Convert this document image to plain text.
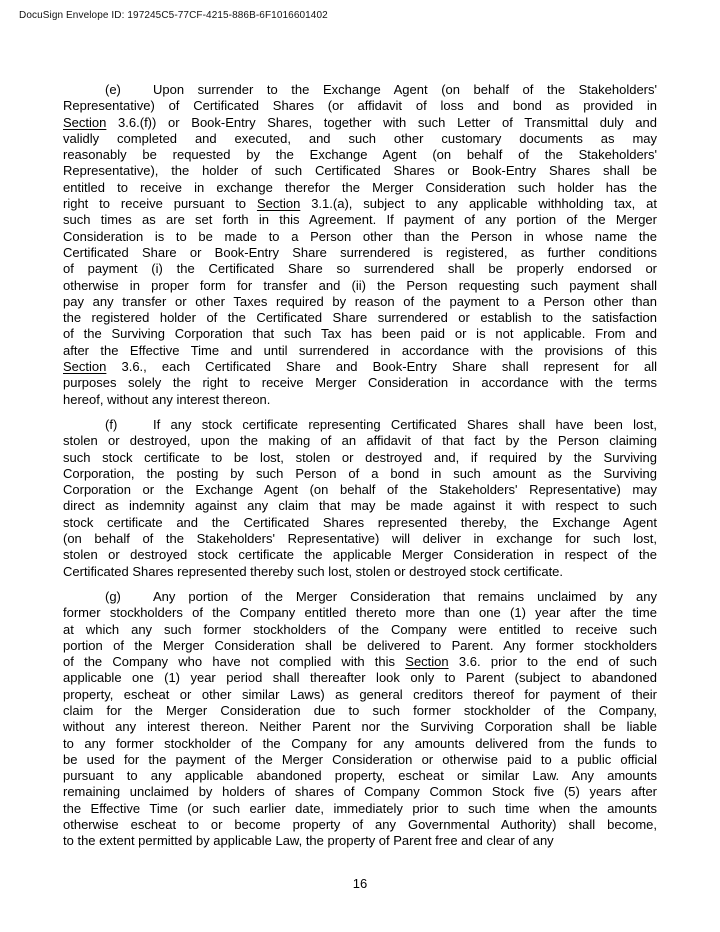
DocuSign Envelope ID: 197245C5-77CF-4215-886B-6F1016601402
(e) Upon surrender to the Exchange Agent (on behalf of the Stakeholders'
Representative) of Certificated Shares (or affidavit of loss and bond as provided in
Section 3.6.(f)) or Book-Entry Shares, together with such Letter of Transmittal duly and
validly completed and executed, and such other customary documents as may
reasonably be requested by the Exchange Agent (on behalf of the Stakeholders'
Representative), the holder of such Certificated Shares or Book-Entry Shares shall be
entitled to receive in exchange therefor the Merger Consideration such holder has the
right to receive pursuant to Section 3.1.(a), subject to any applicable withholding tax, at
such times as are set forth in this Agreement. If payment of any portion of the Merger
Consideration is to be made to a Person other than the Person in whose name the
Certificated Share or Book-Entry Share surrendered is registered, as further conditions
of payment (i) the Certificated Share so surrendered shall be properly endorsed or
otherwise in proper form for transfer and (ii) the Person requesting such payment shall
pay any transfer or other Taxes required by reason of the payment to a Person other than
the registered holder of the Certificated Share surrendered or establish to the satisfaction
of the Surviving Corporation that such Tax has been paid or is not applicable. From and
after the Effective Time and until surrendered in accordance with the provisions of this
Section 3.6., each Certificated Share and Book-Entry Share shall represent for all
purposes solely the right to receive Merger Consideration in accordance with the terms
hereof, without any interest thereon.
(f)	If any stock certificate representing Certificated Shares shall have been lost,
stolen or destroyed, upon the making of an affidavit of that fact by the Person claiming
such stock certificate to be lost, stolen or destroyed and, if required by the Surviving
Corporation, the posting by such Person of a bond in such amount as the Surviving
Corporation or the Exchange Agent (on behalf of the Stakeholders' Representative) may
direct as indemnity against any claim that may be made against it with respect to such
stock certificate and the Certificated Shares represented thereby, the Exchange Agent
(on behalf of the Stakeholders' Representative) will deliver in exchange for such lost,
stolen or destroyed stock certificate the applicable Merger Consideration in respect of the
Certificated Shares represented thereby such lost, stolen or destroyed stock certificate.
(g) Any portion of the Merger Consideration that remains unclaimed by any
former stockholders of the Company entitled thereto more than one (1) year after the time
at which any such former stockholders of the Company were entitled to receive such
portion of the Merger Consideration shall be delivered to Parent. Any former stockholders
of the Company who have not complied with this Section 3.6. prior to the end of such
applicable one (1) year period shall thereafter look only to Parent (subject to abandoned
property, escheat or other similar Laws) as general creditors thereof for payment of their
claim for the Merger Consideration due to such former stockholder of the Company,
without any interest thereon. Neither Parent nor the Surviving Corporation shall be liable
to any former stockholder of the Company for any amounts delivered from the funds to
be used for the payment of the Merger Consideration or otherwise paid to a public official
pursuant to any applicable abandoned property, escheat or similar Law. Any amounts
remaining unclaimed by holders of shares of Company Common Stock five (5) years after
the Effective Time (or such earlier date, immediately prior to such time when the amounts
otherwise escheat to or become property of any Governmental Authority) shall become,
to the extent permitted by applicable Law, the property of Parent free and clear of any
16
